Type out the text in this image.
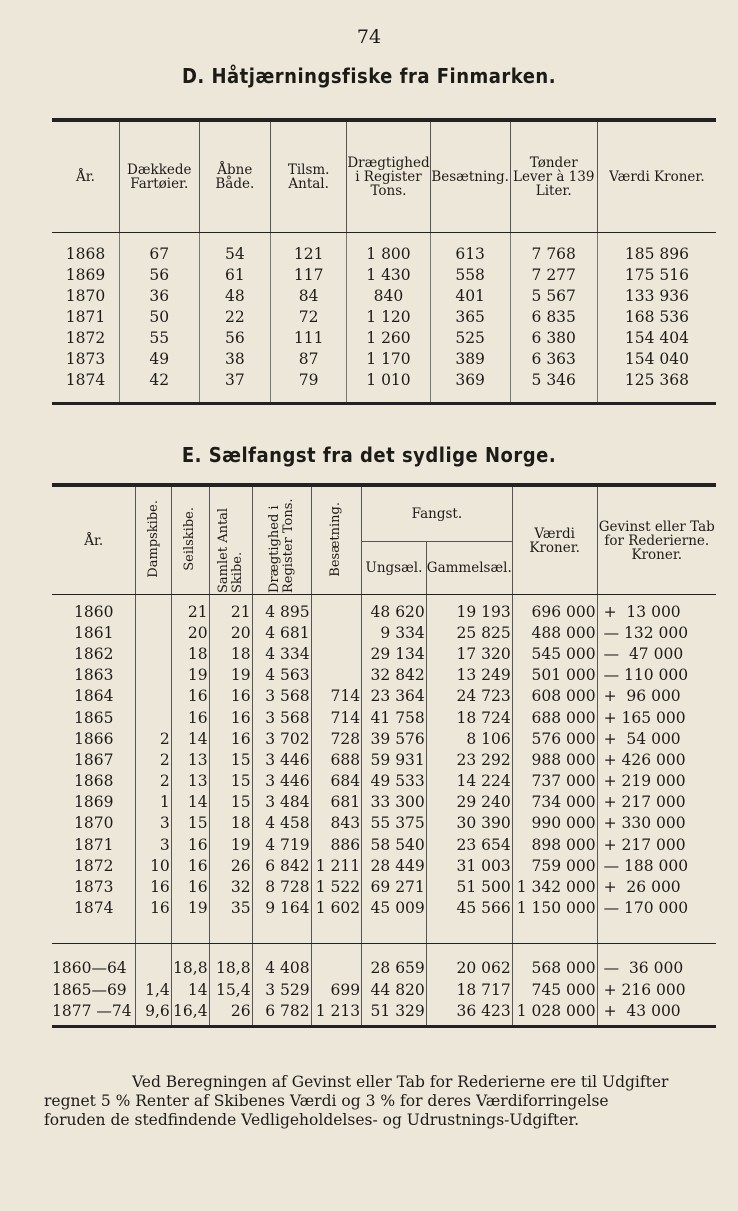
74
D. Håtjærningsfiske fra Finmarken.

År.	Dækkede Fartøier.	Åbne Både.	Tilsm. Antal.	Drægtighed i Register Tons.	Besætning.	Tønder Lever à 139 Liter.	Værdi Kroner.
1868	67	54	121	1 800	613	7 768	185 896
1869	56	61	117	1 430	558	7 277	175 516
1870	36	48	84	840	401	5 567	133 936
1871	50	22	72	1 120	365	6 835	168 536
1872	55	56	111	1 260	525	6 380	154 404
1873	49	38	87	1 170	389	6 363	154 040
1874	42	37	79	1 010	369	5 346	125 368
E. Sælfangst fra det sydlige Norge.

År.	Dampskibe.	Seilskibe.	Samlet Antal Skibe.	Drægtighed i Register Tons.	Besætning.	Fangst.		Værdi Kroner.	Gevinst eller Tab for Rederierne. Kroner.
						Ungsæl.	Gammelsæl.		
1860		21	21	4 895		48 620	19 193	696 000	+  13 000
1861		20	20	4 681		9 334	25 825	488 000	— 132 000
1862		18	18	4 334		29 134	17 320	545 000	—  47 000
1863		19	19	4 563		32 842	13 249	501 000	— 110 000
1864		16	16	3 568	714	23 364	24 723	608 000	+  96 000
1865		16	16	3 568	714	41 758	18 724	688 000	+ 165 000
1866	2	14	16	3 702	728	39 576	8 106	576 000	+  54 000
1867	2	13	15	3 446	688	59 931	23 292	988 000	+ 426 000
1868	2	13	15	3 446	684	49 533	14 224	737 000	+ 219 000
1869	1	14	15	3 484	681	33 300	29 240	734 000	+ 217 000
1870	3	15	18	4 458	843	55 375	30 390	990 000	+ 330 000
1871	3	16	19	4 719	886	58 540	23 654	898 000	+ 217 000
1872	10	16	26	6 842	1 211	28 449	31 003	759 000	— 188 000
1873	16	16	32	8 728	1 522	69 271	51 500	1 342 000	+  26 000
1874	16	19	35	9 164	1 602	45 009	45 566	1 150 000	— 170 000
1860—64		18,8	18,8	4 408		28 659	20 062	568 000	—  36 000
1865—69	1,4	14	15,4	3 529	699	44 820	18 717	745 000	+ 216 000
1877 —74	9,6	16,4	26	6 782	1 213	51 329	36 423	1 028 000	+  43 000

Ved Beregningen af Gevinst eller Tab for Rederierne ere til Udgifter

regnet 5 % Renter af Skibenes Værdi og 3 % for deres Værdiforringelse

foruden de stedfindende Vedligeholdelses- og Udrustnings-Udgifter.
